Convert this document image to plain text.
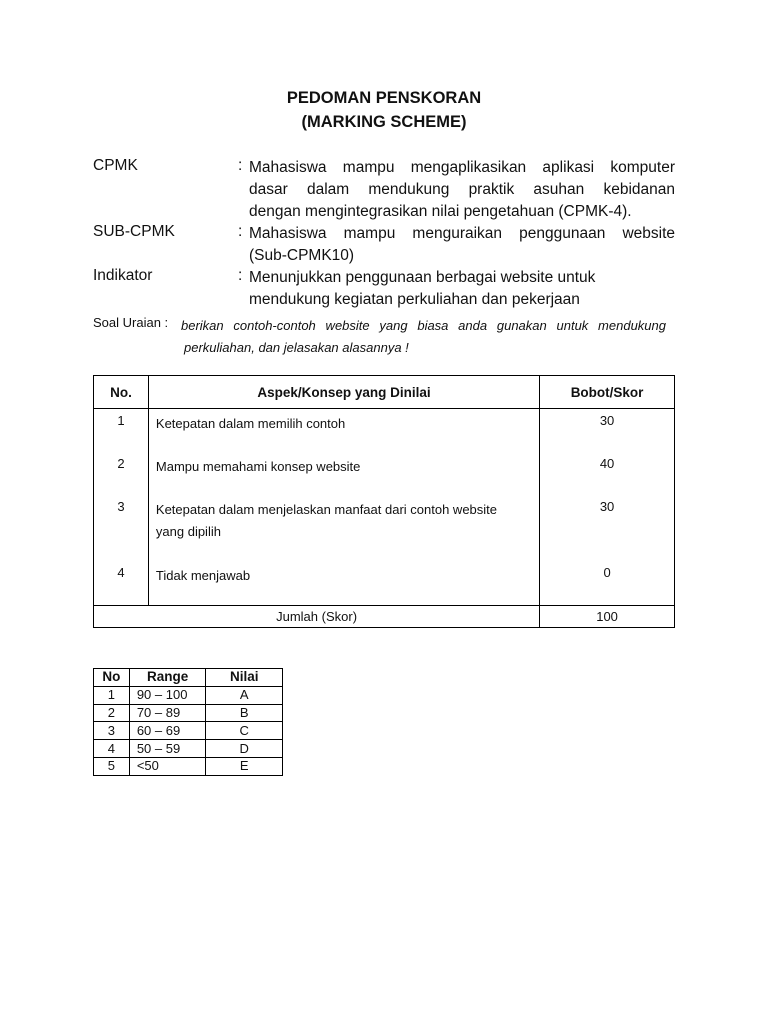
PEDOMAN PENSKORAN
(MARKING SCHEME)
CPMK	: Mahasiswa mampu mengaplikasikan aplikasi komputer
dasar dalam mendukung praktik asuhan kebidanan
dengan mengintegrasikan nilai pengetahuan (CPMK-4).
SUB-CPMK	: Mahasiswa mampu menguraikan penggunaan website
(Sub-CPMK10)
Indikator	: Menunjukkan penggunaan berbagai website untuk
mendukung kegiatan perkuliahan dan pekerjaan
Soal Uraian : berikan contoh-contoh website yang biasa anda gunakan untuk mendukung
perkuliahan, dan jelasakan alasannya !
No.	Aspek/Konsep yang Dinilai	Bobot/Skor
1	Ketepatan dalam memilih contoh	30
2	Mampu memahami konsep website	40
3	Ketepatan dalam menjelaskan manfaat dari contoh website
yang dipilih	30
4	Tidak menjawab	0
Jumlah (Skor)		100
No	Range	Nilai
1	90 – 100	A
2	70 – 89	B
3	60 – 69	C
4	50 – 59	D
5	<50	E
